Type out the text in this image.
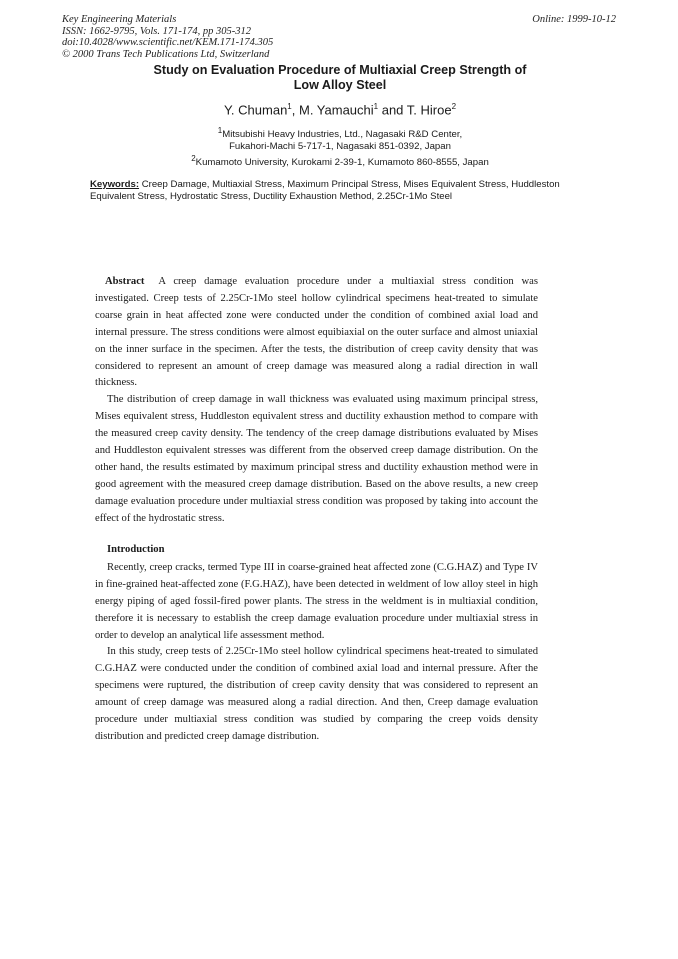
Key Engineering Materials
ISSN: 1662-9795, Vols. 171-174, pp 305-312
doi:10.4028/www.scientific.net/KEM.171-174.305
© 2000 Trans Tech Publications Ltd, Switzerland
Online: 1999-10-12
Study on Evaluation Procedure of Multiaxial Creep Strength of
Low Alloy Steel
Y. Chuman$^1$, M. Yamauchi$^1$ and T. Hiroe$^2$
$^1$Mitsubishi Heavy Industries, Ltd., Nagasaki R&D Center,
Fukahori-Machi 5-717-1, Nagasaki 851-0392, Japan
$^2$Kumamoto University, Kurokami 2-39-1, Kumamoto 860-8555, Japan
Keywords: Creep Damage, Multiaxial Stress, Maximum Principal Stress, Mises Equivalent Stress, Huddleston Equivalent Stress, Hydrostatic Stress, Ductility Exhaustion Method, 2.25Cr-1Mo Steel

Abstract A creep damage evaluation procedure under a multiaxial stress condition was investigated. Creep tests of 2.25Cr-1Mo steel hollow cylindrical specimens heat-treated to simulate coarse grain in heat affected zone were conducted under the condition of combined axial load and internal pressure. The stress conditions were almost equibiaxial on the outer surface and almost uniaxial on the inner surface in the specimen. After the tests, the distribution of creep cavity density that was considered to represent an amount of creep damage was measured along a radial direction in wall thickness.

The distribution of creep damage in wall thickness was evaluated using maximum principal stress, Mises equivalent stress, Huddleston equivalent stress and ductility exhaustion method to compare with the measured creep cavity density. The tendency of the creep damage distributions evaluated by Mises and Huddleston equivalent stresses was different from the observed creep damage distribution. On the other hand, the results estimated by maximum principal stress and ductility exhaustion method were in good agreement with the measured creep damage distribution. Based on the above results, a new creep damage evaluation procedure under multiaxial stress condition was proposed by taking into account the effect of the hydrostatic stress.

Introduction

Recently, creep cracks, termed Type III in coarse-grained heat affected zone (C.G.HAZ) and Type IV in fine-grained heat-affected zone (F.G.HAZ), have been detected in weldment of low alloy steel in high energy piping of aged fossil-fired power plants. The stress in the weldment is in multiaxial condition, therefore it is necessary to establish the creep damage evaluation procedure under multiaxial stress in order to develop an analytical life assessment method.

In this study, creep tests of 2.25Cr-1Mo steel hollow cylindrical specimens heat-treated to simulated C.G.HAZ were conducted under the condition of combined axial load and internal pressure. After the specimens were ruptured, the distribution of creep cavity density that was considered to represent an amount of creep damage was measured along a radial direction. And then, Creep damage evaluation procedure under multiaxial stress condition was studied by comparing the creep voids density distribution and predicted creep damage distribution.
